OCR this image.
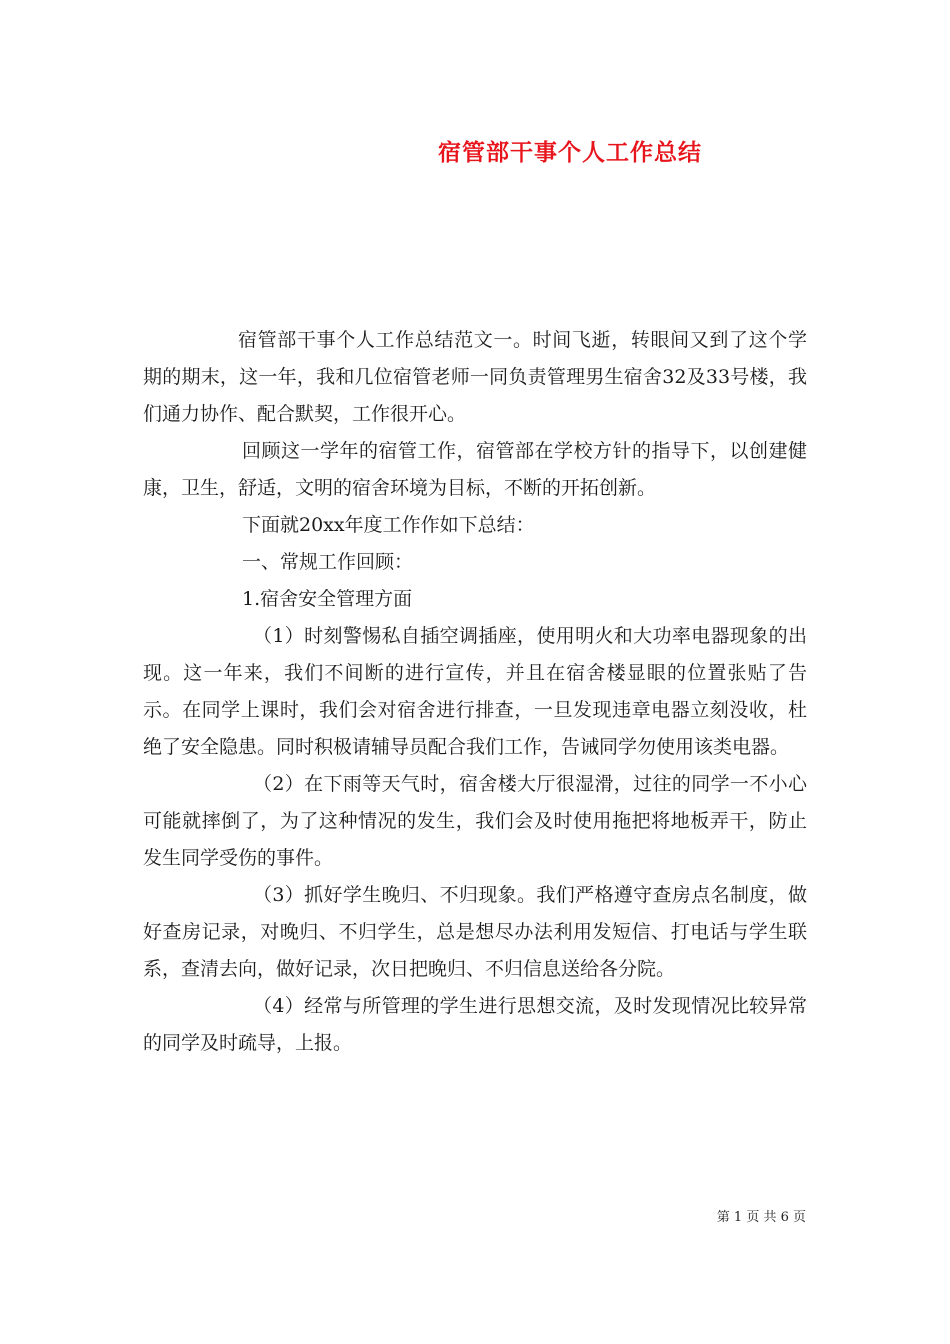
宿管部干事个人工作总结

宿管部干事个人工作总结范文一。时间飞逝，转眼间又到了这个学期的期末，这一年，我和几位宿管老师一同负责管理男生宿舍32及33号楼，我们通力协作、配合默契，工作很开心。

回顾这一学年的宿管工作，宿管部在学校方针的指导下，以创建健康，卫生，舒适，文明的宿舍环境为目标，不断的开拓创新。

下面就20xx年度工作作如下总结：

一、常规工作回顾：

1.宿舍安全管理方面

（1）时刻警惕私自插空调插座，使用明火和大功率电器现象的出现。这一年来，我们不间断的进行宣传，并且在宿舍楼显眼的位置张贴了告示。在同学上课时，我们会对宿舍进行排查，一旦发现违章电器立刻没收，杜绝了安全隐患。同时积极请辅导员配合我们工作，告诫同学勿使用该类电器。

（2）在下雨等天气时，宿舍楼大厅很湿滑，过往的同学一不小心可能就摔倒了，为了这种情况的发生，我们会及时使用拖把将地板弄干，防止发生同学受伤的事件。

（3）抓好学生晚归、不归现象。我们严格遵守查房点名制度，做好查房记录，对晚归、不归学生，总是想尽办法利用发短信、打电话与学生联系，查清去向，做好记录，次日把晚归、不归信息送给各分院。

（4）经常与所管理的学生进行思想交流，及时发现情况比较异常的同学及时疏导，上报。

第 1 页 共 6 页
